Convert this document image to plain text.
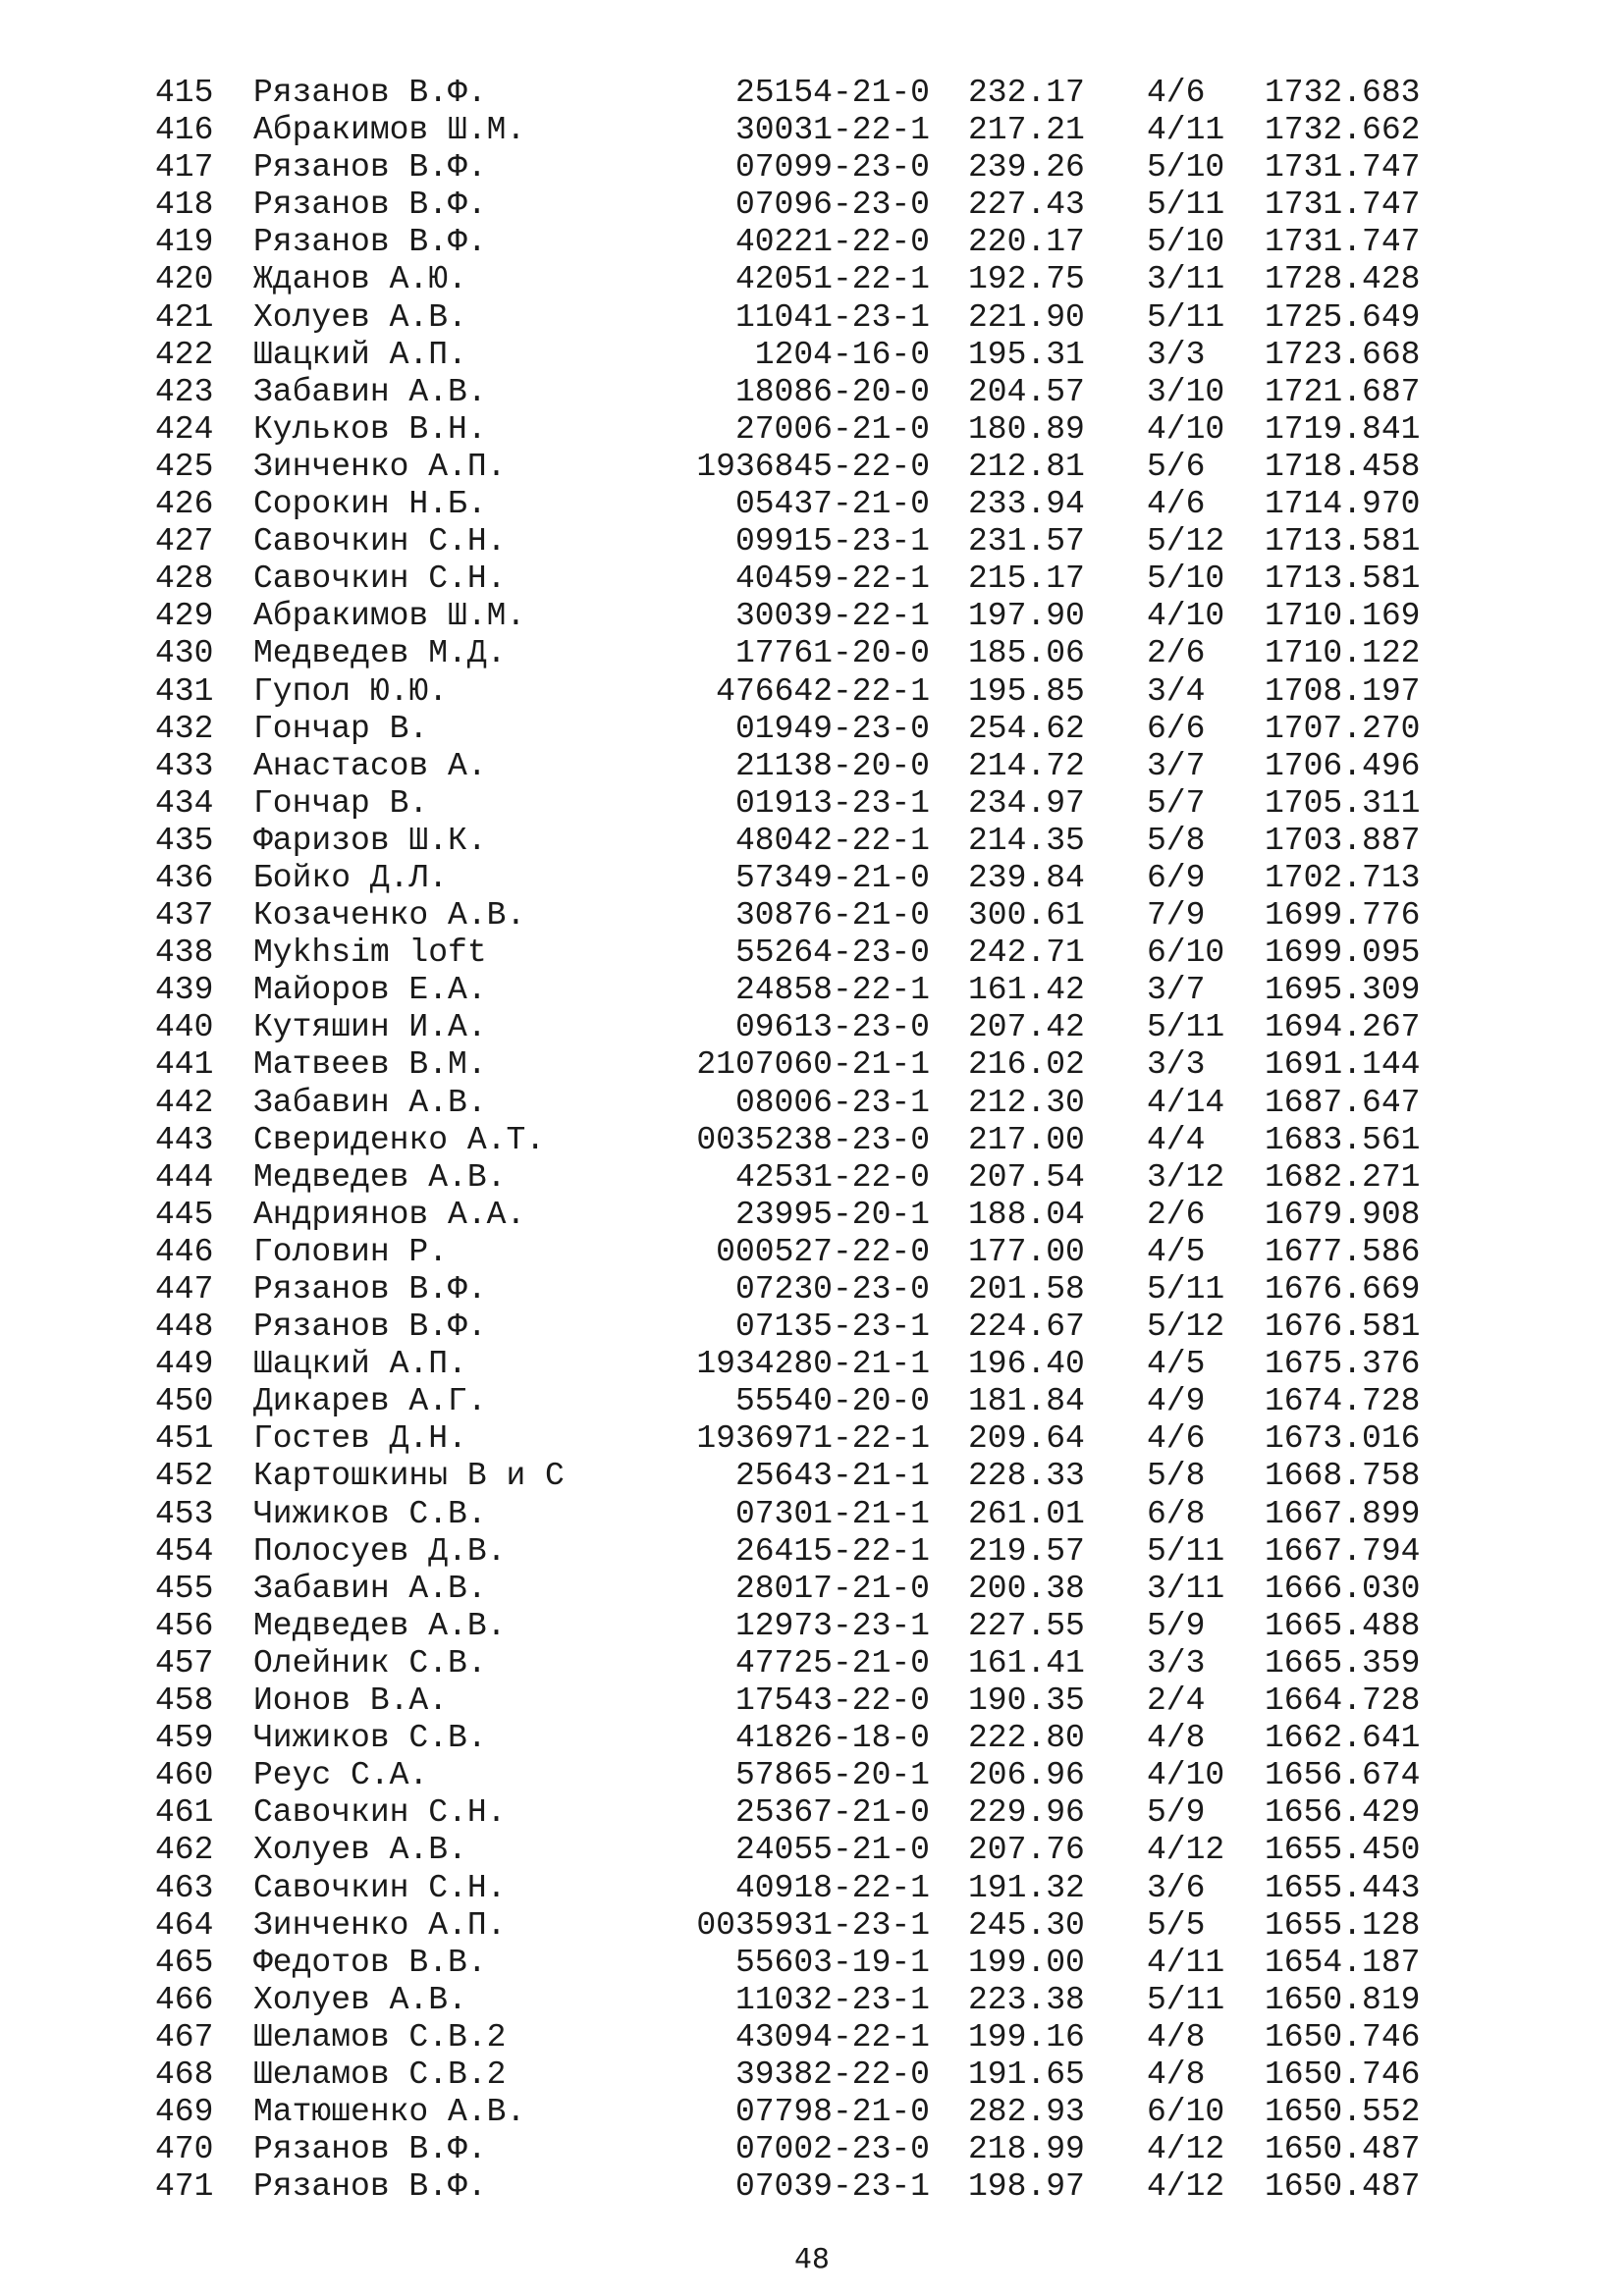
415 Рязанов В.Ф.	25154-21-0 232.17 4/6 1732.683
416 Абракимов Ш.М.	30031-22-1 217.21 4/11 1732.662
417 Рязанов В.Ф.	07099-23-0 239.26 5/10 1731.747
418 Рязанов В.Ф.	07096-23-0 227.43 5/11 1731.747
419 Рязанов В.Ф.	40221-22-0 220.17 5/10 1731.747
420 Жданов А.Ю.	42051-22-1 192.75 3/11 1728.428
421 Холуев А.В.	11041-23-1 221.90 5/11 1725.649
422 Шацкий А.П.	1204-16-0 195.31 3/3 1723.668
423 Забавин А.В.	18086-20-0 204.57 3/10 1721.687
424 Кульков В.Н.	27006-21-0 180.89 4/10 1719.841
425 Зинченко А.П.	1936845-22-0 212.81 5/6 1718.458
426 Сорокин Н.Б.	05437-21-0 233.94 4/6 1714.970
427 Савочкин С.Н.	09915-23-1 231.57 5/12 1713.581
428 Савочкин С.Н.	40459-22-1 215.17 5/10 1713.581
429 Абракимов Ш.М.	30039-22-1 197.90 4/10 1710.169
430 Медведев М.Д.	17761-20-0 185.06 2/6 1710.122
431 Гупол Ю.Ю.	476642-22-1 195.85 3/4 1708.197
432 Гончар В.	01949-23-0 254.62 6/6 1707.270
433 Анастасов А.	21138-20-0 214.72 3/7 1706.496
434 Гончар В.	01913-23-1 234.97 5/7 1705.311
435 Фаризов Ш.К.	48042-22-1 214.35 5/8 1703.887
436 Бойко Д.Л.	57349-21-0 239.84 6/9 1702.713
437 Козаченко А.В.	30876-21-0 300.61 7/9 1699.776
438 Mykhsim loft	55264-23-0 242.71 6/10 1699.095
439 Майоров Е.А.	24858-22-1 161.42 3/7 1695.309
440 Кутяшин И.А.	09613-23-0 207.42 5/11 1694.267
441 Матвеев В.М.	2107060-21-1 216.02 3/3 1691.144
442 Забавин А.В.	08006-23-1 212.30 4/14 1687.647
443 Свериденко А.Т.	0035238-23-0 217.00 4/4 1683.561
444 Медведев А.В.	42531-22-0 207.54 3/12 1682.271
445 Андриянов А.А.	23995-20-1 188.04 2/6 1679.908
446 Головин Р.	000527-22-0 177.00 4/5 1677.586
447 Рязанов В.Ф.	07230-23-0 201.58 5/11 1676.669
448 Рязанов В.Ф.	07135-23-1 224.67 5/12 1676.581
449 Шацкий А.П.	1934280-21-1 196.40 4/5 1675.376
450 Дикарев А.Г.	55540-20-0 181.84 4/9 1674.728
451 Гостев Д.Н.	1936971-22-1 209.64 4/6 1673.016
452 Картошкины В и С	25643-21-1 228.33 5/8 1668.758
453 Чижиков С.В.	07301-21-1 261.01 6/8 1667.899
454 Полосуев Д.В.	26415-22-1 219.57 5/11 1667.794
455 Забавин А.В.	28017-21-0 200.38 3/11 1666.030
456 Медведев А.В.	12973-23-1 227.55 5/9 1665.488
457 Олейник С.В.	47725-21-0 161.41 3/3 1665.359
458 Ионов В.А.	17543-22-0 190.35 2/4 1664.728
459 Чижиков С.В.	41826-18-0 222.80 4/8 1662.641
460 Реус С.А.	57865-20-1 206.96 4/10 1656.674
461 Савочкин С.Н.	25367-21-0 229.96 5/9 1656.429
462 Холуев А.В.	24055-21-0 207.76 4/12 1655.450
463 Савочкин С.Н.	40918-22-1 191.32 3/6 1655.443
464 Зинченко А.П.	0035931-23-1 245.30 5/5 1655.128
465 Федотов В.В.	55603-19-1 199.00 4/11 1654.187
466 Холуев А.В.	11032-23-1 223.38 5/11 1650.819
467 Шеламов С.В.2	43094-22-1 199.16 4/8 1650.746
468 Шеламов С.В.2	39382-22-0 191.65 4/8 1650.746
469 Матюшенко А.В.	07798-21-0 282.93 6/10 1650.552
470 Рязанов В.Ф.	07002-23-0 218.99 4/12 1650.487
471 Рязанов В.Ф.	07039-23-1 198.97 4/12 1650.487
48
